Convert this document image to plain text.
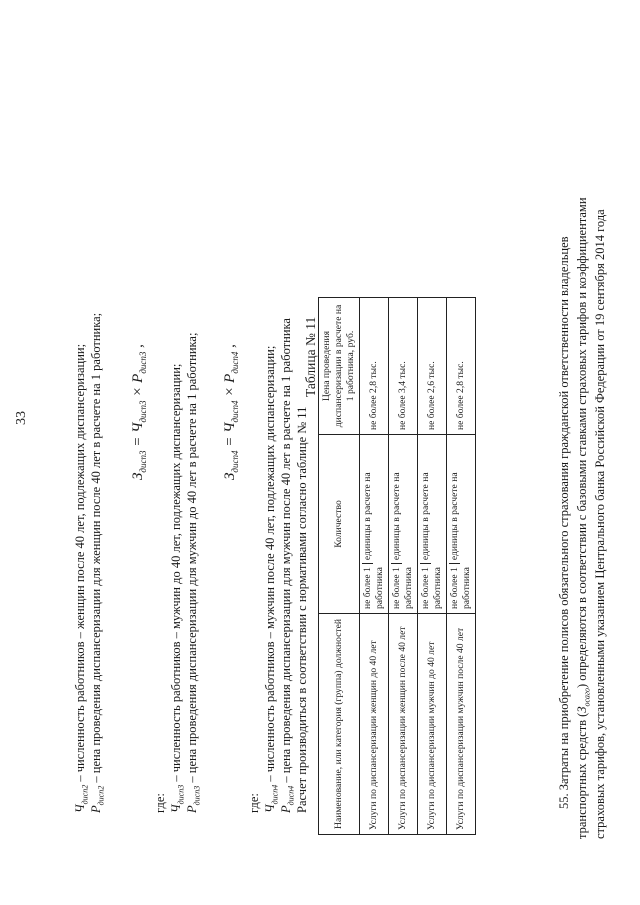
33
$Ч_{дисп2}$ – численность работников – женщин после 40 лет, подлежащих диспансеризации;
$P_{дисп2}$ – цена проведения диспансеризации для женщин после 40 лет в расчете на 1 работника;	$З_{дисп3} = Ч_{дисп3} \times P_{дисп3}$ ,
где: $Ч_{дисп3}$ – численность работников – мужчин до 40 лет, подлежащих диспансеризации;
$P_{дисп3}$ – цена проведения диспансеризации для мужчин до 40 лет в расчете на 1 работника;	$З_{дисп4} = Ч_{дисп4} \times P_{дисп4}$ ,
где: $Ч_{дисп4}$ – численность работников – мужчин после 40 лет, подлежащих диспансеризации;
$P_{дисп4}$ – цена проведения диспансеризации для мужчин после 40 лет в расчете на 1 работника Расчет производиться в соответствии с нормативами согласно таблице № 11
Таблица № 11
Наименование, или категория (группа) должностей	Количество	Цена проведения диспансеризации в расчете на 1 работника, руб.
Услуги по диспансеризации женщин до 40 лет	не более 1единицы в расчете на работника	не более 2,8 тыс.
Услуги по диспансеризации женщин после 40 лет	не более 1единицы в расчете на работника	не более 3,4 тыс.
Услуги по диспансеризации мужчин до 40 лет	не более 1единицы в расчете на работника	не более 2,6 тыс.
Услуги по диспансеризации мужчин после 40 лет	не более 1единицы в расчете на работника	не более 2,8 тыс.	55. Затраты на приобретение полисов обязательного страхования гражданской ответственности владельцев транспортных средств $(З_{осаго})$ определяются в соответствии с базовыми ставками страховых тарифов и коэффициентами страховых тарифов, установленными указанием Центрального банка Российской Федерации от 19 сентября 2014 года
